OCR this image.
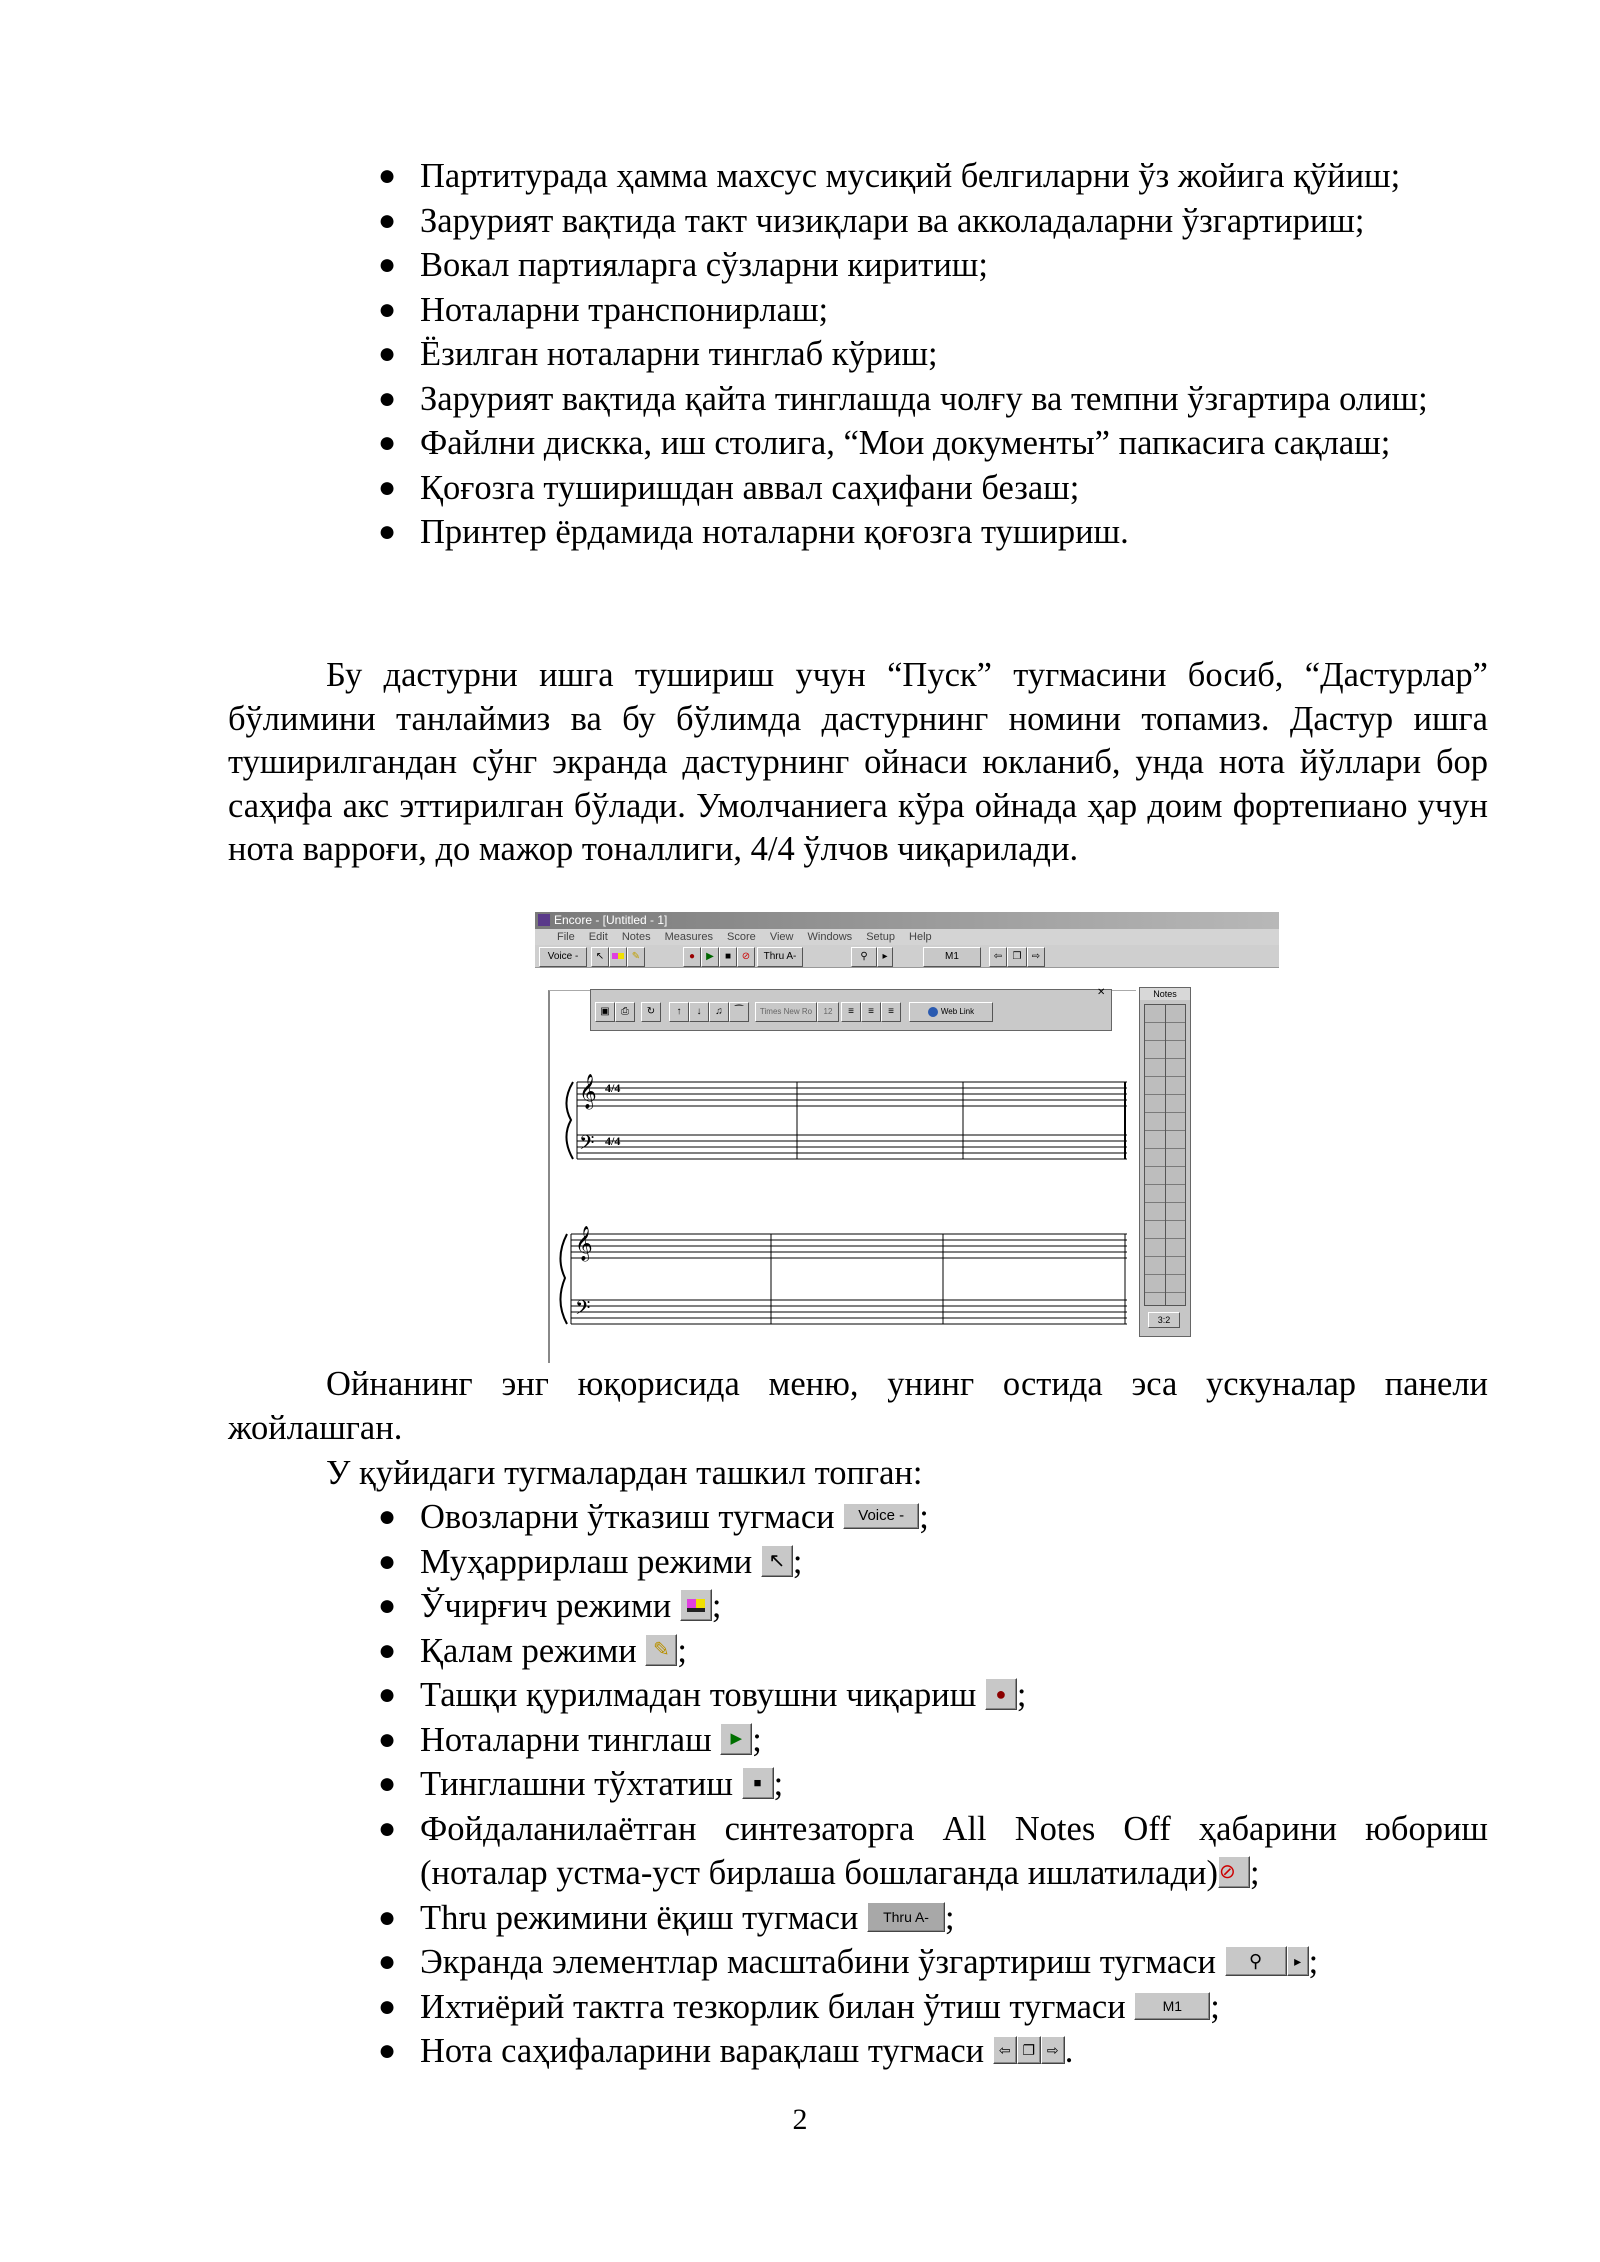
● Партитурада ҳамма махсус мусиқий белгиларни ўз жойига қўйиш;
● Зарурият вақтида такт чизиқлари ва акколадаларни ўзгартириш;
● Вокал партияларга сўзларни киритиш;
● Ноталарни транспонирлаш;
● Ёзилган ноталарни тинглаб кўриш;
● Зарурият вақтида қайта тинглашда чолғу ва темпни ўзгартира олиш;
● Файлни дискка, иш столига, “Мои документы” папкасига сақлаш;
● Қоғозга туширишдан аввал саҳифани безаш;
● Принтер ёрдамида ноталарни қоғозга тушириш.
Бу дастурни ишга тушириш учун “Пуск” тугмасини босиб, “Дастурлар” бўлимини танлаймиз ва бу бўлимда дастурнинг номини топамиз. Дастур ишга туширилгандан сўнг экранда дастурнинг ойнаси юкланиб, унда нота йўллари бор саҳифа акс эттирилган бўлади. Умолчаниега кўра ойнада ҳар доим фортепиано учун нота варроғи, до мажор тоналлиги, 4/4 ўлчов чиқарилади.
Encore - [Untitled - 1]
File Edit Notes Measures Score View Windows Setup Help
Voice -	↖	✎	●	▶	■	⊘	Thru A-	⚲	▸	M1	⇦	❐	⇨
✕
▣	⎙	↻	↑	↓	♫	⁀	Times New Ro	12	≡	≡	≡	Web Link
𝄞 4/4
𝄢 4/4
𝄞
𝄢
Notes
3:2
Ойнанинг энг юқорисида меню, унинг остида эса ускуналар панели жойлашган.
У қуйидаги тугмалардан ташкил топган:
● Овозларни ўтказиш тугмаси Voice - ;
● Муҳаррирлаш режими ↖ ;
● Ўчирғич режими ;
● Қалам режими ✎ ;
● Ташқи қурилмадан товушни чиқариш ● ;
● Ноталарни тинглаш ▶ ;
● Тинглашни тўхтатиш ■ ;
● Фойдаланилаётган синтезаторга All Notes Off ҳабарини юбориш (ноталар устма-уст бирлаша бошлаганда ишлатилади)⊘ ;
● Thru режимини ёқиш тугмаси Thru A- ;
● Экранда элементлар масштабини ўзгартириш тугмаси ⚲ ▸ ;
● Ихтиёрий тактга тезкорлик билан ўтиш тугмаси	M1 ;
● Нота саҳифаларини варақлаш тугмаси ⇦ ❐ ⇨ .
2
